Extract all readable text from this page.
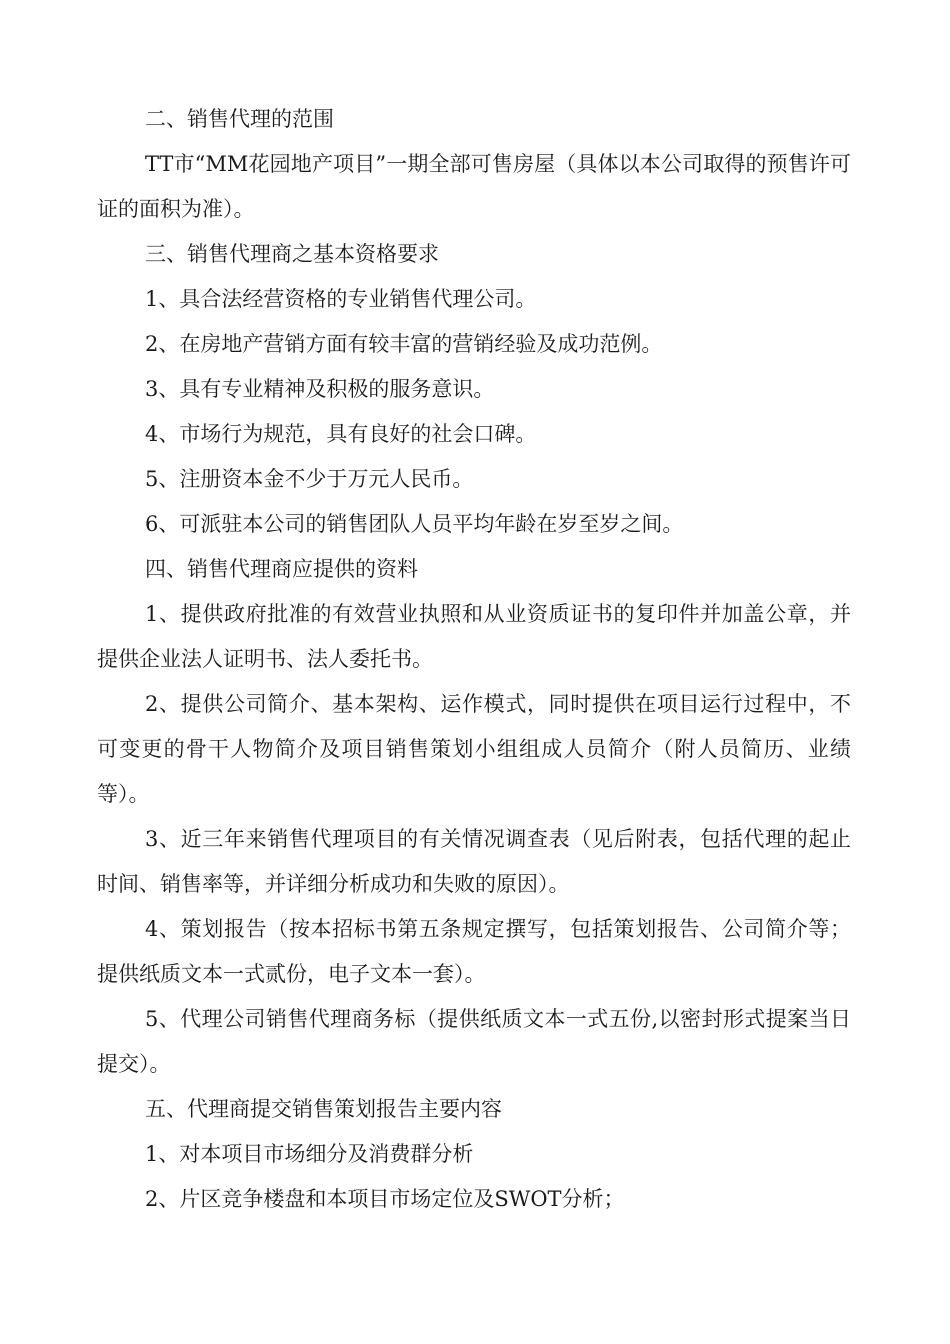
二、销售代理的范围

TT市“MM花园地产项目”一期全部可售房屋（具体以本公司取得的预售许可证的面积为准）。

三、销售代理商之基本资格要求

1、具合法经营资格的专业销售代理公司。

2、在房地产营销方面有较丰富的营销经验及成功范例。

3、具有专业精神及积极的服务意识。

4、市场行为规范，具有良好的社会口碑。

5、注册资本金不少于万元人民币。

6、可派驻本公司的销售团队人员平均年龄在岁至岁之间。

四、销售代理商应提供的资料

1、提供政府批准的有效营业执照和从业资质证书的复印件并加盖公章，并提供企业法人证明书、法人委托书。

2、提供公司简介、基本架构、运作模式，同时提供在项目运行过程中，不可变更的骨干人物简介及项目销售策划小组组成人员简介（附人员简历、业绩等）。

3、近三年来销售代理项目的有关情况调查表（见后附表，包括代理的起止时间、销售率等，并详细分析成功和失败的原因）。

4、策划报告（按本招标书第五条规定撰写，包括策划报告、公司简介等；提供纸质文本一式贰份，电子文本一套）。

5、代理公司销售代理商务标（提供纸质文本一式五份,以密封形式提案当日提交）。

五、代理商提交销售策划报告主要内容

1、对本项目市场细分及消费群分析

2、片区竞争楼盘和本项目市场定位及SWOT分析；
